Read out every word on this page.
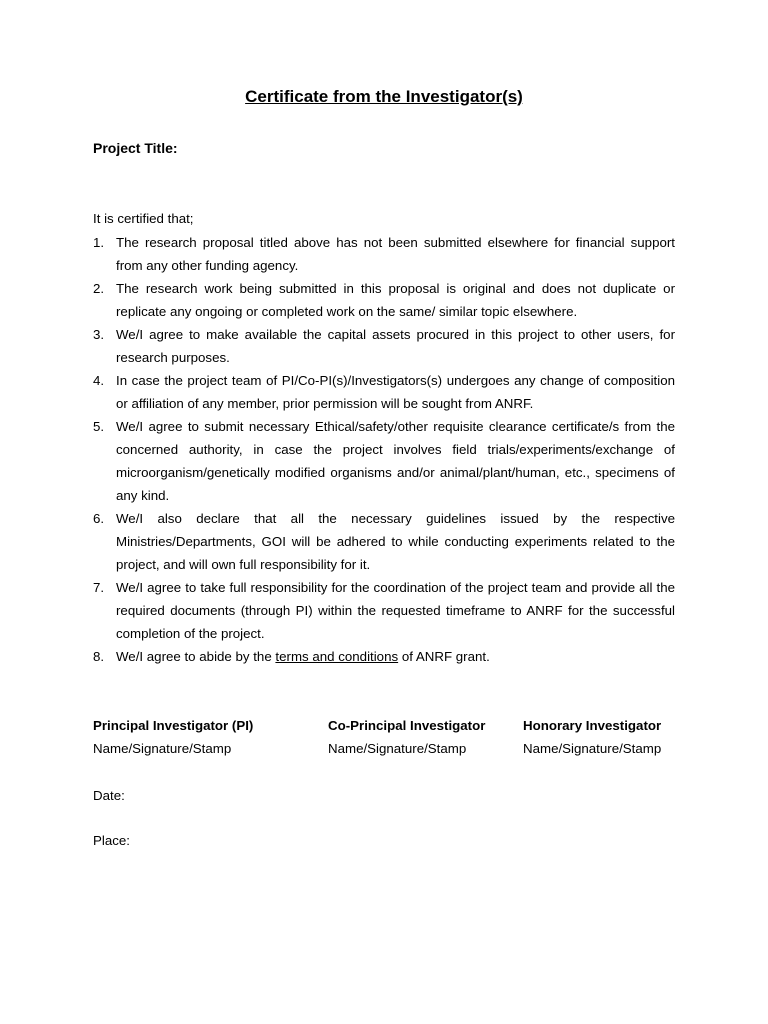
Certificate from the Investigator(s)
Project Title:
It is certified that;
1. The research proposal titled above has not been submitted elsewhere for financial support from any other funding agency.
2. The research work being submitted in this proposal is original and does not duplicate or replicate any ongoing or completed work on the same/ similar topic elsewhere.
3. We/I agree to make available the capital assets procured in this project to other users, for research purposes.
4. In case the project team of PI/Co-PI(s)/Investigators(s) undergoes any change of composition or affiliation of any member, prior permission will be sought from ANRF.
5. We/I agree to submit necessary Ethical/safety/other requisite clearance certificate/s from the concerned authority, in case the project involves field trials/experiments/exchange of microorganism/genetically modified organisms and/or animal/plant/human, etc., specimens of any kind.
6. We/I also declare that all the necessary guidelines issued by the respective Ministries/Departments, GOI will be adhered to while conducting experiments related to the project, and will own full responsibility for it.
7. We/I agree to take full responsibility for the coordination of the project team and provide all the required documents (through PI) within the requested timeframe to ANRF for the successful completion of the project.
8. We/I agree to abide by the terms and conditions of ANRF grant.
Principal Investigator (PI)
Name/Signature/Stamp
Co-Principal Investigator
Name/Signature/Stamp
Honorary Investigator
Name/Signature/Stamp
Date:
Place:
